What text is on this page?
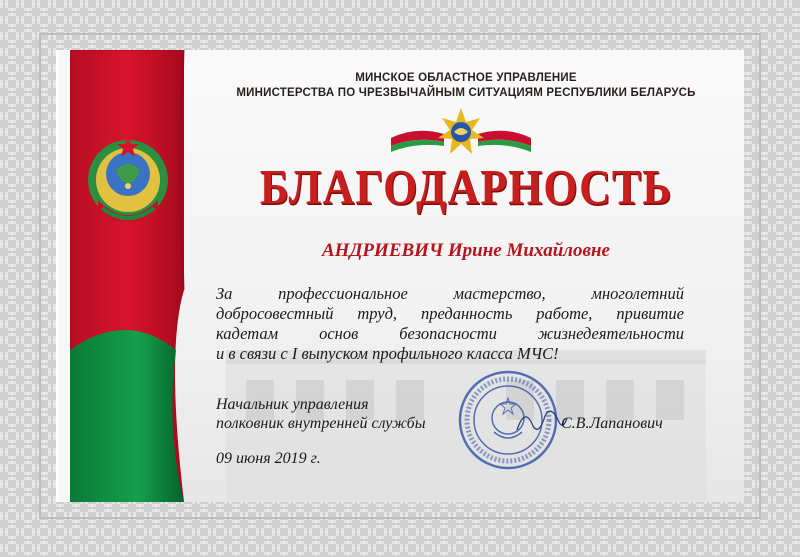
МИНСКОЕ ОБЛАСТНОЕ УПРАВЛЕНИЕ
МИНИСТЕРСТВА ПО ЧРЕЗВЫЧАЙНЫМ СИТУАЦИЯМ РЕСПУБЛИКИ БЕЛАРУСЬ
БЛАГОДАРНОСТЬ
АНДРИЕВИЧ Ирине Михайловне
За профессиональное мастерство, многолетний
добросовестный труд, преданность работе, привитие
кадетам основ безопасности жизнедеятельности
и в связи с I выпуском профильного класса МЧС!
Начальник управления
полковник внутренней службы	С.В.Лапанович
09 июня 2019 г.
